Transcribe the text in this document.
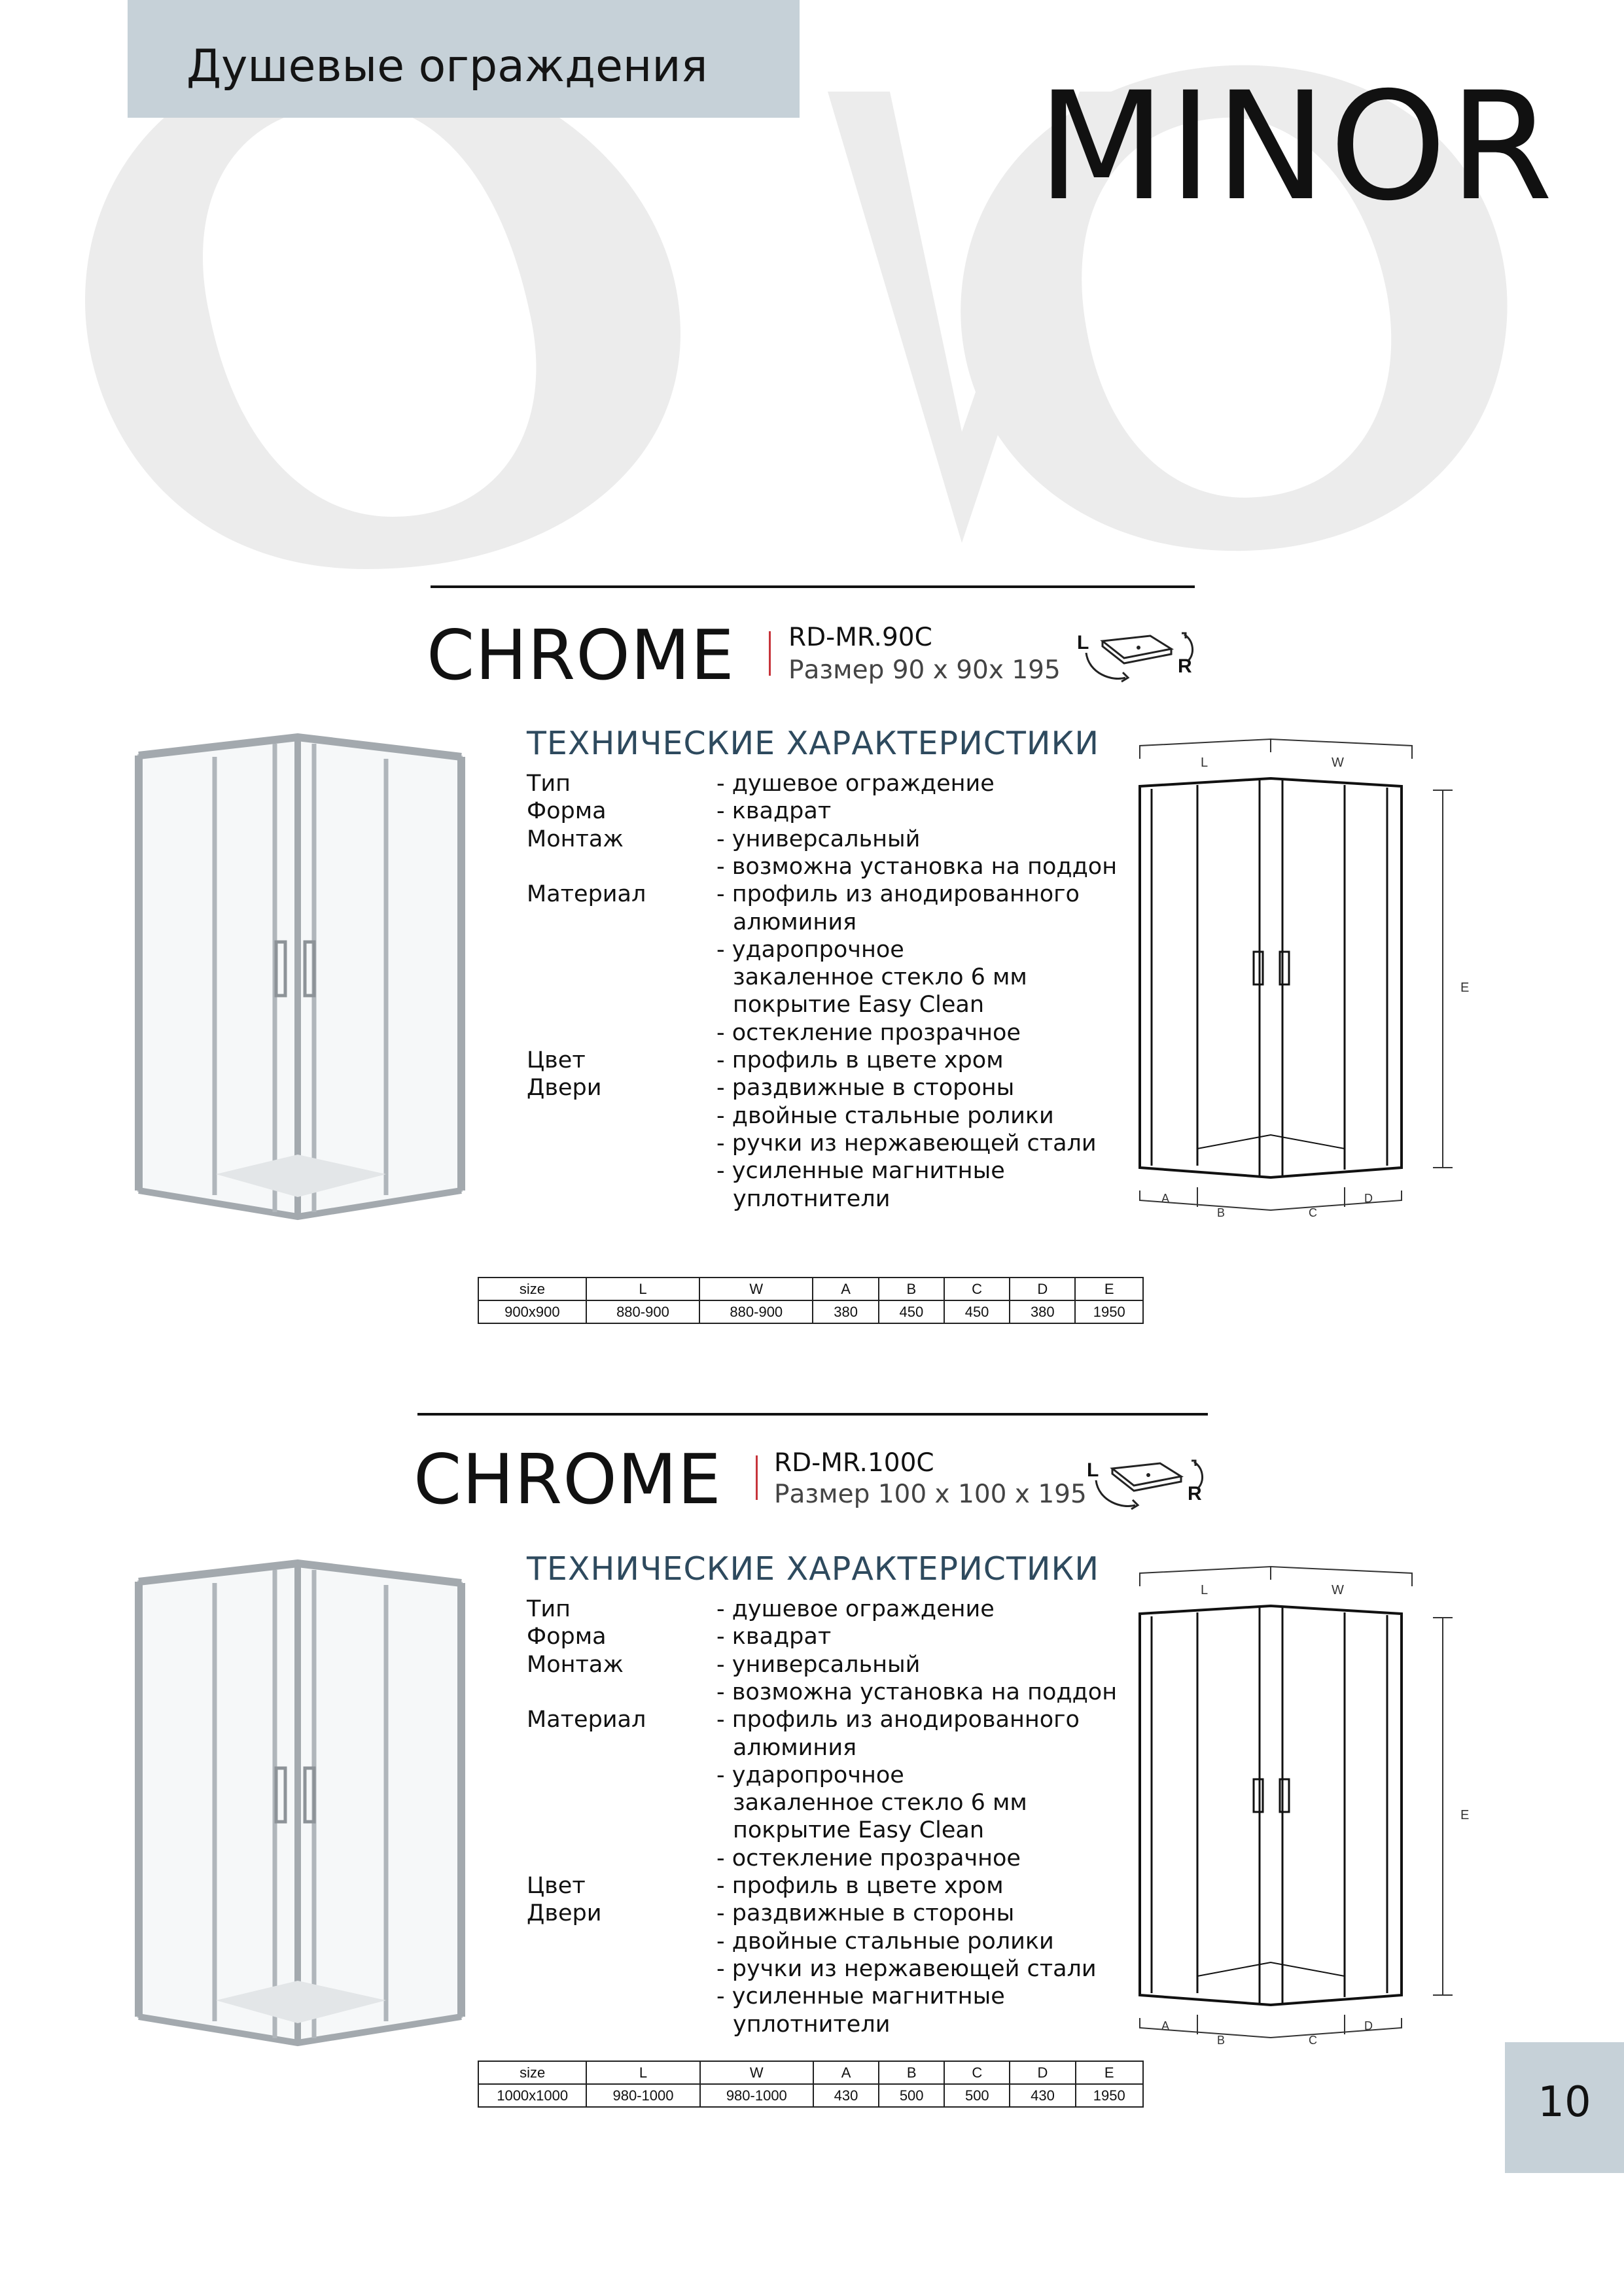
Душевые ограждения MINOR
CHROME RD-MR.90C
Размер 90 х 90х 195
L
R
ТЕХНИЧЕСКИЕ ХАРАКТЕРИСТИКИ
Тип	- душевое ограждение
Форма	- квадрат
Монтаж	- универсальный
- возможна установка на поддон
Материал	- профиль из анодированного
алюминия
- ударопрочное
закаленное стекло 6 мм
покрытие Easy Clean
- остекление прозрачное
Цвет	- профиль в цвете хром
Двери	- раздвижные в стороны
- двойные стальные ролики
- ручки из нержавеющей стали
- усиленные магнитные
уплотнители
L	W
E
A
B	C
D
size	L	W	A	B	C	D	E
900x900	880-900	880-900	380	450	450	380	1950
CHROME RD-MR.100C
Размер 100 х 100 х 195
L
R
ТЕХНИЧЕСКИЕ ХАРАКТЕРИСТИКИ
Тип	- душевое ограждение
Форма	- квадрат
Монтаж	- универсальный
- возможна установка на поддон
Материал	- профиль из анодированного
алюминия
- ударопрочное
закаленное стекло 6 мм
покрытие Easy Clean
- остекление прозрачное
Цвет	- профиль в цвете хром
Двери	- раздвижные в стороны
- двойные стальные ролики
- ручки из нержавеющей стали
- усиленные магнитные
уплотнители
L	W
E
A
B	C
D
size	L	W	A	B	C	D	E
1000x1000	980-1000	980-1000	430	500	500	430	1950	10
